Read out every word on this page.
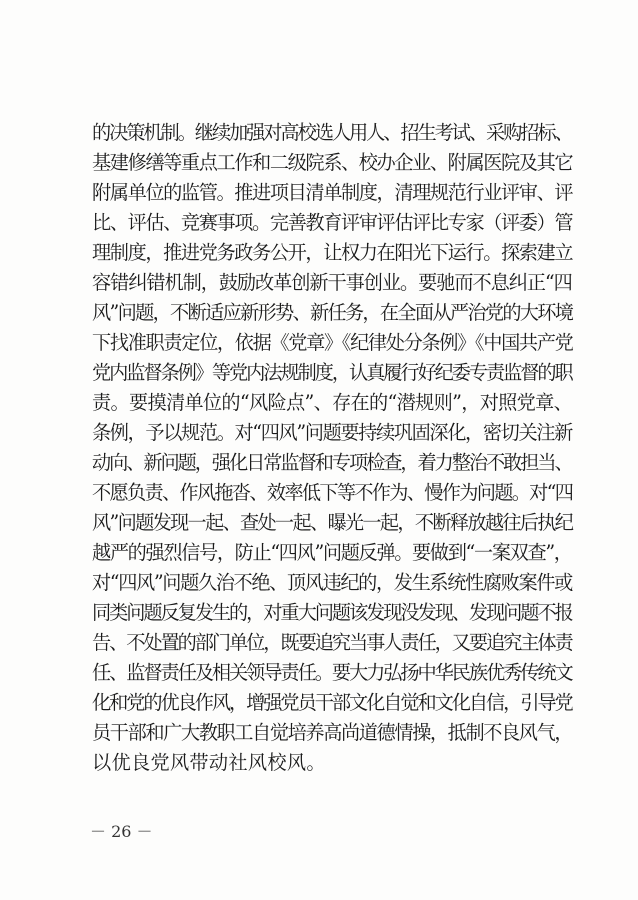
的决策机制。继续加强对高校选人用人、招生考试、采购招标、
基建修缮等重点工作和二级院系、校办企业、附属医院及其它
附属单位的监管。推进项目清单制度，清理规范行业评审、评
比、评估、竞赛事项。完善教育评审评估评比专家（评委）管
理制度，推进党务政务公开，让权力在阳光下运行。探索建立
容错纠错机制，鼓励改革创新干事创业。要驰而不息纠正“四
风”问题，不断适应新形势、新任务，在全面从严治党的大环境
下找准职责定位，依据《党章》《纪律处分条例》《中国共产党
党内监督条例》等党内法规制度，认真履行好纪委专责监督的职
责。要摸清单位的“风险点”、存在的“潜规则”，对照党章、
条例，予以规范。对“四风”问题要持续巩固深化，密切关注新
动向、新问题，强化日常监督和专项检查，着力整治不敢担当、
不愿负责、作风拖沓、效率低下等不作为、慢作为问题。对“四
风”问题发现一起、查处一起、曝光一起，不断释放越往后执纪
越严的强烈信号，防止“四风”问题反弹。要做到“一案双查”，
对“四风”问题久治不绝、顶风违纪的，发生系统性腐败案件或
同类问题反复发生的，对重大问题该发现没发现、发现问题不报
告、不处置的部门单位，既要追究当事人责任，又要追究主体责
任、监督责任及相关领导责任。要大力弘扬中华民族优秀传统文
化和党的优良作风，增强党员干部文化自觉和文化自信，引导党
员干部和广大教职工自觉培养高尚道德情操，抵制不良风气，
以优良党风带动社风校风。
－ 26 －
